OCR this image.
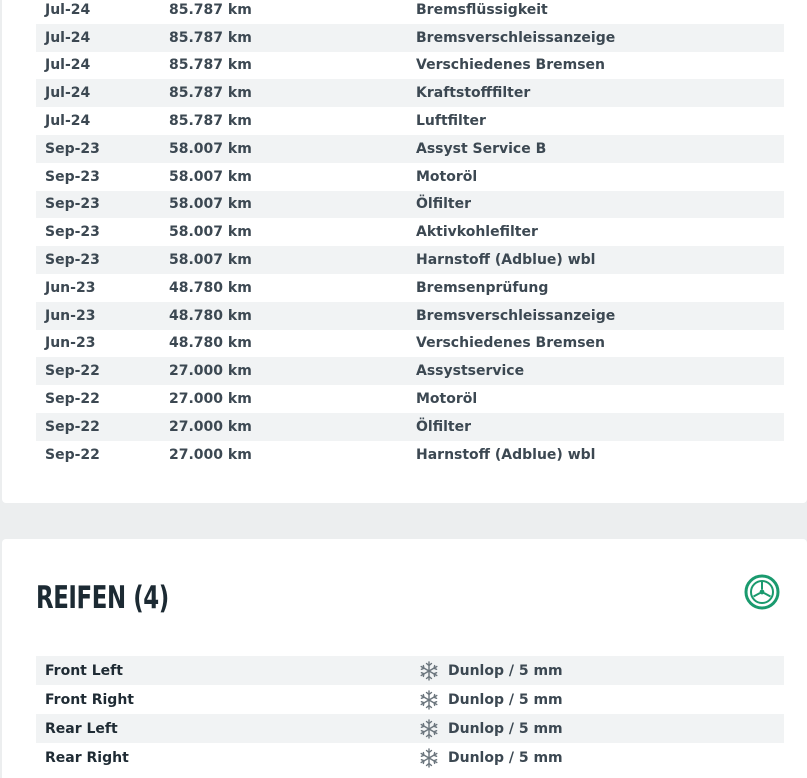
Jul-24	85.787 km	Bremsflüssigkeit
Jul-24	85.787 km	Bremsverschleissanzeige
Jul-24	85.787 km	Verschiedenes Bremsen
Jul-24	85.787 km	Kraftstofffilter
Jul-24	85.787 km	Luftfilter
Sep-23	58.007 km	Assyst Service B
Sep-23	58.007 km	Motoröl
Sep-23	58.007 km	Ölfilter
Sep-23	58.007 km	Aktivkohlefilter
Sep-23	58.007 km	Harnstoff (Adblue) wbl
Jun-23	48.780 km	Bremsenprüfung
Jun-23	48.780 km	Bremsverschleissanzeige
Jun-23	48.780 km	Verschiedenes Bremsen
Sep-22	27.000 km	Assystservice
Sep-22	27.000 km	Motoröl
Sep-22	27.000 km	Ölfilter
Sep-22	27.000 km	Harnstoff (Adblue) wbl
REIFEN (4)
Front Left	Dunlop / 5 mm
Front Right	Dunlop / 5 mm
Rear Left	Dunlop / 5 mm
Rear Right	Dunlop / 5 mm
